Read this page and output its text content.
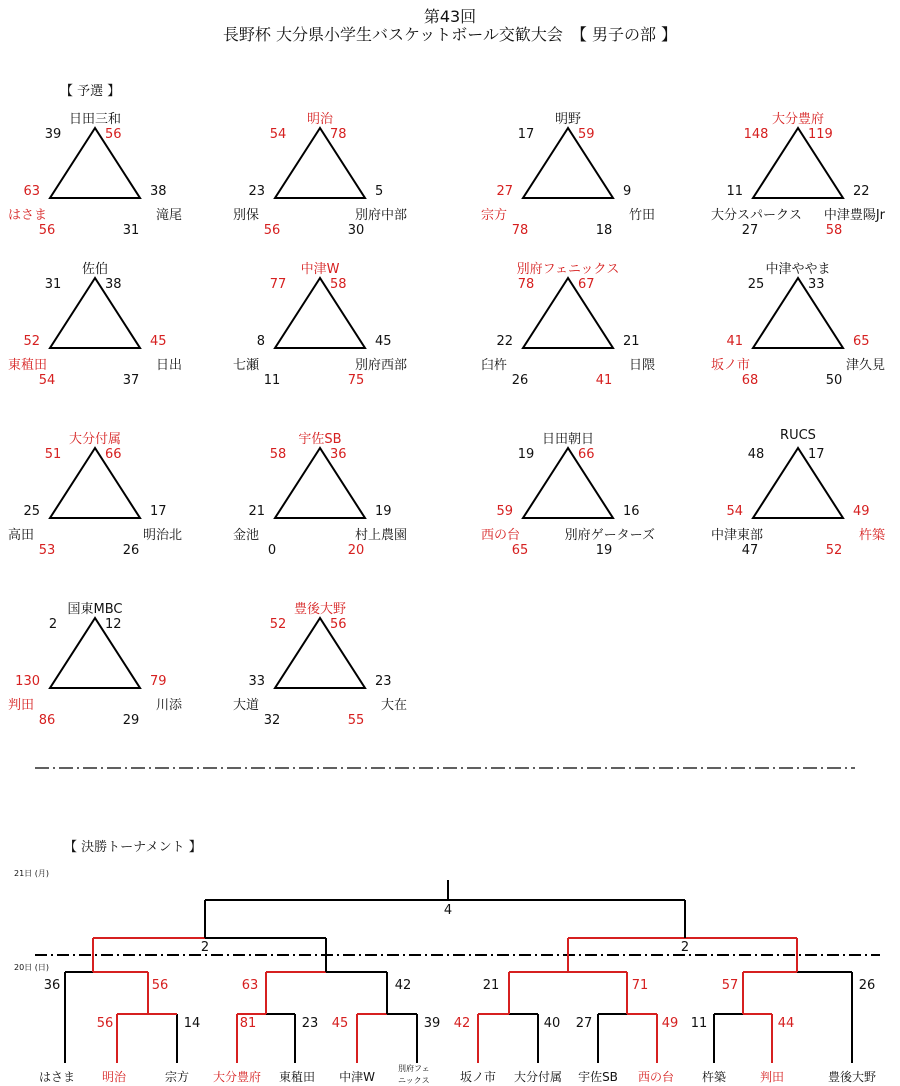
第43回
長野杯 大分県小学生バスケットボール交歓大会　【 男子の部 】
【 予選 】
日田三和
はさま	滝尾
39	56
63	38
56	31
明治
別保	別府中部
54	78
23	5
56	30
明野
宗方	竹田
17	59
27	9
78	18
大分豊府
大分スパークス	中津豊陽Jr
148	119
11	22
27	58
佐伯
東稙田	日出
31	38
52	45
54	37
中津W
七瀬	別府西部
77	58
8	45
11	75
別府フェニックス
臼杵	日隈
78	67
22	21
26	41
中津ややま
坂ノ市	津久見
25	33
41	65
68	50
大分付属
高田	明治北
51	66
25	17
53	26
宇佐SB
金池	村上農園
58	36
21	19
0	20
日田朝日
西の台	別府ゲーターズ
19	66
59	16
65	19
RUCS
中津東部	杵築
48	17
54	49
47	52
国東MBC
判田	川添
2	12
130	79
86	29
豊後大野
大道	大在
52	56
33	23
32	55
【 決勝トーナメント 】
21日 (月)
20日 (日)
はさま	明治	宗方	大分豊府	東稙田	中津W	坂ノ市	大分付属	宇佐SB	西の台	杵築	判田	豊後大野
別府フェ
ニックス
36	56
56	14
63	42
81	23	45	39
21	71
42	40	27	49
57	26
11	44
2	2
4
